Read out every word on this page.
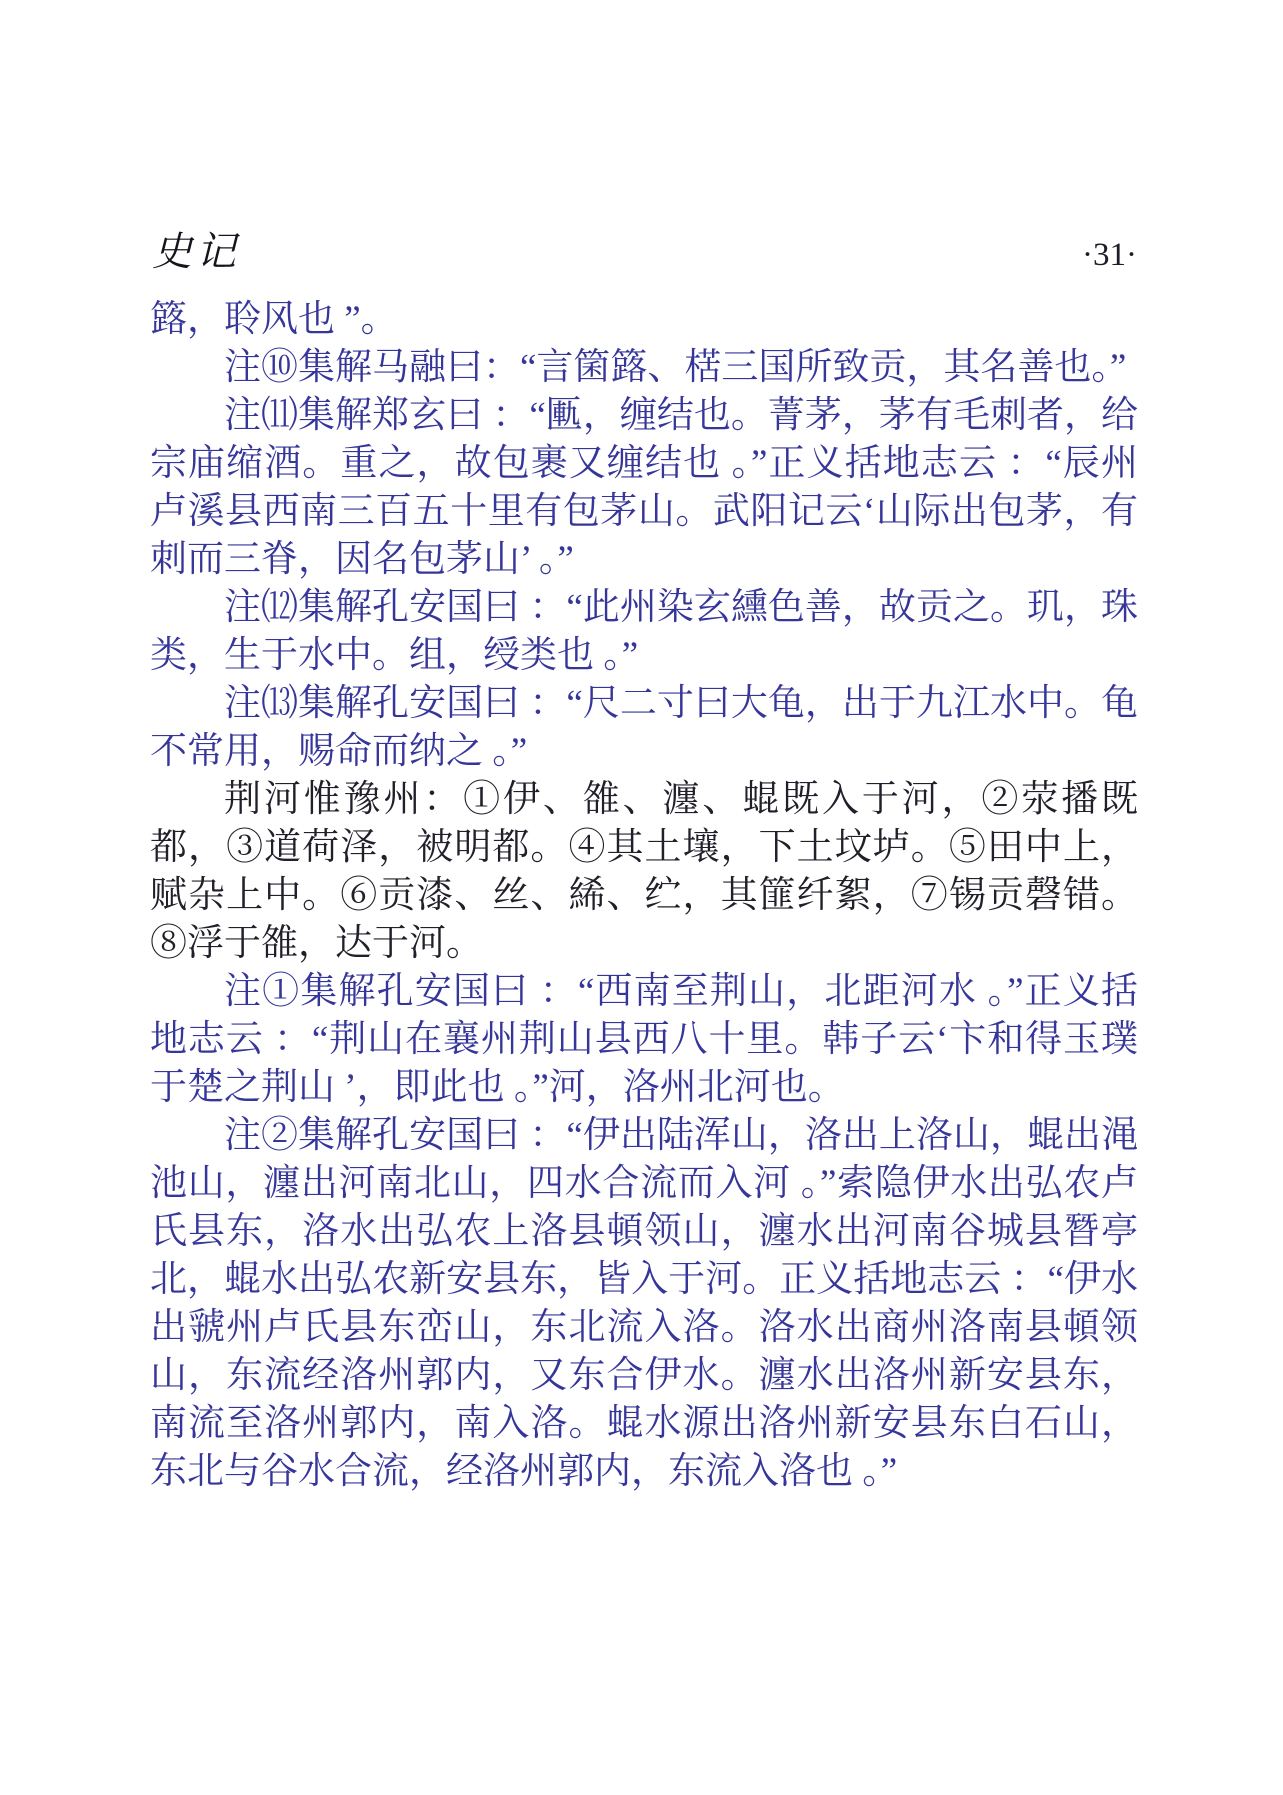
史记	·31·

簬，聆风也 ”。

注⑩集解马融曰：“言箘簬、楛三国所致贡，其名善也。”

注⑾集解郑玄曰 ：“匭，缠结也。菁茅，茅有毛刺者，给宗庙缩酒。重之，故包裹又缠结也 。”正义括地志云 ：“辰州卢溪县西南三百五十里有包茅山。武阳记云‘山际出包茅，有刺而三脊，因名包茅山’ 。”

注⑿集解孔安国曰 ：“此州染玄纁色善，故贡之。玑，珠类，生于水中。组，绶类也 。”

注⒀集解孔安国曰 ：“尺二寸曰大龟，出于九江水中。龟不常用，赐命而纳之 。”

荆河惟豫州：①伊、雒、瀍、蜫既入于河，②荥播既都，③道荷泽，被明都。④其土壤，下土坟垆。⑤田中上，赋杂上中。⑥贡漆、丝、絺、纻，其篚纤絮，⑦锡贡磬错。⑧浮于雒，达于河。

注①集解孔安国曰 ：“西南至荆山，北距河水 。”正义括地志云 ：“荆山在襄州荆山县西八十里。韩子云‘卞和得玉璞于楚之荆山 ’，即此也 。”河，洛州北河也。

注②集解孔安国曰 ：“伊出陆浑山，洛出上洛山，蜫出渑池山，瀍出河南北山，四水合流而入河 。”索隐伊水出弘农卢氏县东，洛水出弘农上洛县頓领山，瀍水出河南谷城县朁亭北，蜫水出弘农新安县东，皆入于河。正义括地志云 ：“伊水出虢州卢氏县东峦山，东北流入洛。洛水出商州洛南县頓领山，东流经洛州郭内，又东合伊水。瀍水出洛州新安县东，南流至洛州郭内，南入洛。蜫水源出洛州新安县东白石山，东北与谷水合流，经洛州郭内，东流入洛也 。”
